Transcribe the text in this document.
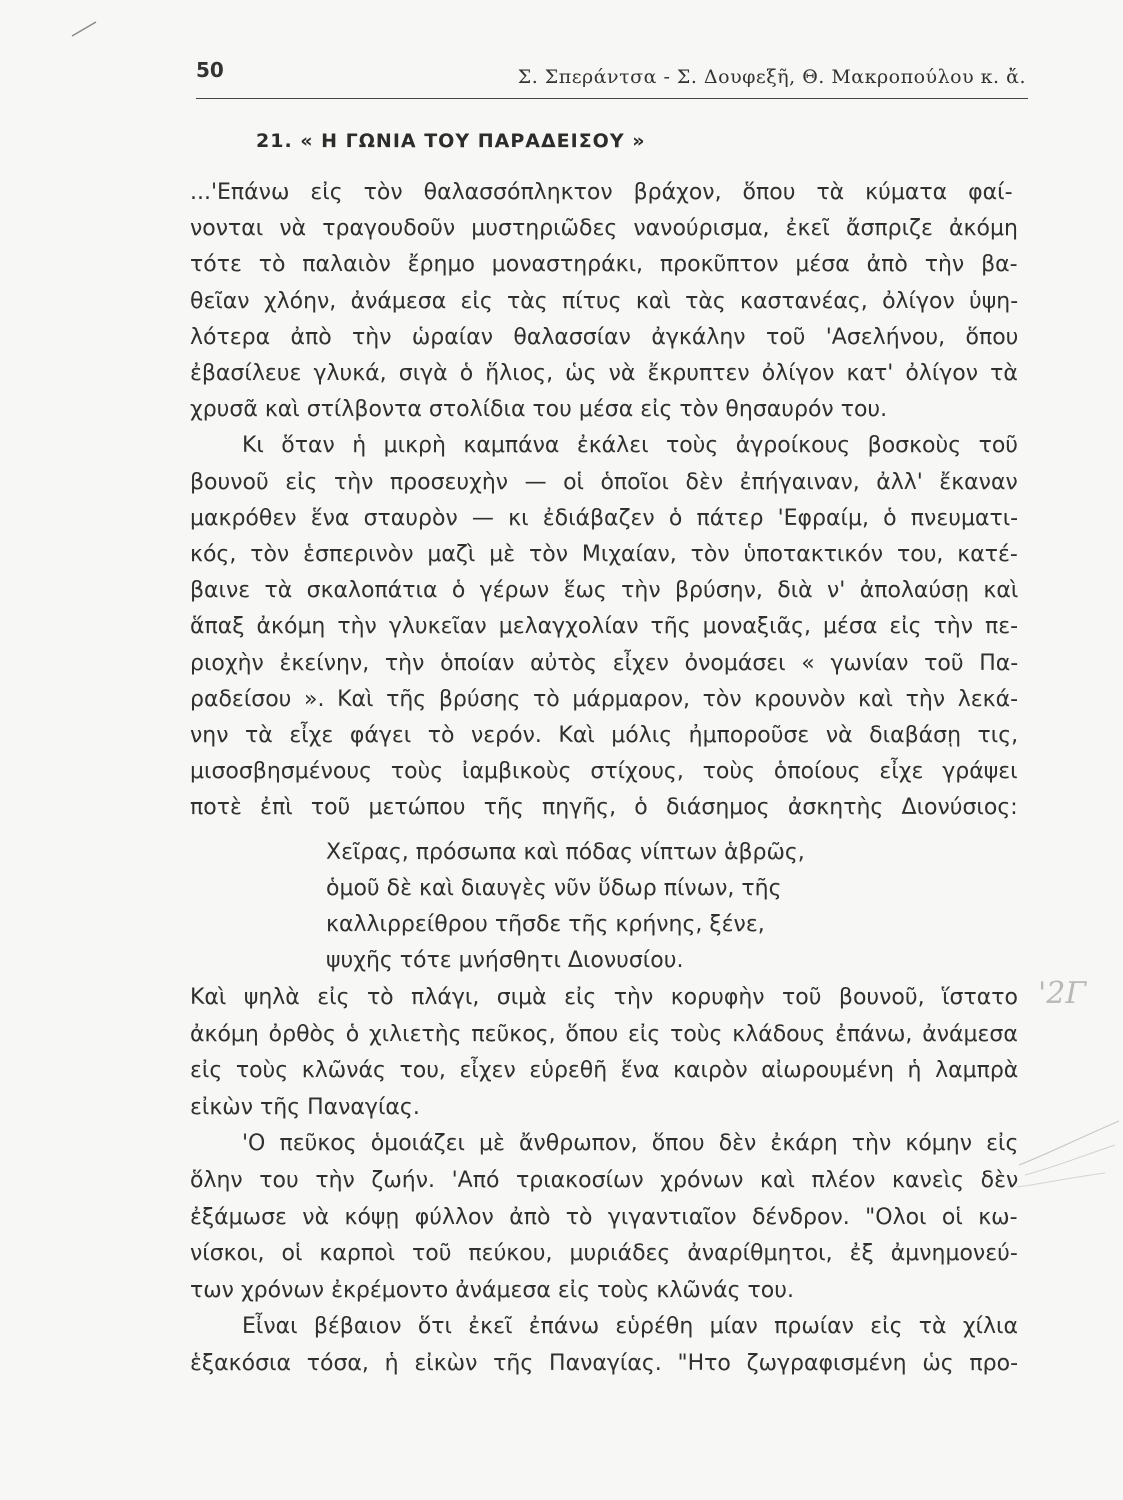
50	Σ. Σπεράντσα - Σ. Δουφεξῆ, Θ. Μακροπούλου κ. ἄ.
21. « Η ΓΩΝΙΑ ΤΟΥ ΠΑΡΑΔΕΙΣΟΥ »
...'Επάνω εἰς τὸν θαλασσόπληκτον βράχον, ὅπου τὰ κύματα φαί-
νονται νὰ τραγουδοῦν μυστηριῶδες νανούρισμα, ἐκεῖ ἄσπριζε ἀκόμη
τότε τὸ παλαιὸν ἔρημο μοναστηράκι, προκῦπτον μέσα ἀπὸ τὴν βα-
θεῖαν χλόην, ἀνάμεσα εἰς τὰς πίτυς καὶ τὰς καστανέας, ὀλίγον ὑψη-
λότερα ἀπὸ τὴν ὡραίαν θαλασσίαν ἀγκάλην τοῦ 'Ασελήνου, ὅπου
ἐβασίλευε γλυκά, σιγὰ ὁ ἥλιος, ὡς νὰ ἔκρυπτεν ὀλίγον κατ' ὀλίγον τὰ
χρυσᾶ καὶ στίλβοντα στολίδια του μέσα εἰς τὸν θησαυρόν του.
Κι ὅταν ἡ μικρὴ καμπάνα ἐκάλει τοὺς ἀγροίκους βοσκοὺς τοῦ
βουνοῦ εἰς τὴν προσευχὴν — οἱ ὁποῖοι δὲν ἐπήγαιναν, ἀλλ' ἔκαναν
μακρόθεν ἕνα σταυρὸν — κι ἐδιάβαζεν ὁ πάτερ 'Εφραίμ, ὁ πνευματι-
κός, τὸν ἑσπερινὸν μαζὶ μὲ τὸν Μιχαίαν, τὸν ὑποτακτικόν του, κατέ-
βαινε τὰ σκαλοπάτια ὁ γέρων ἕως τὴν βρύσην, διὰ ν' ἀπολαύσῃ καὶ
ἅπαξ ἀκόμη τὴν γλυκεῖαν μελαγχολίαν τῆς μοναξιᾶς, μέσα εἰς τὴν πε-
ριοχὴν ἐκείνην, τὴν ὁποίαν αὐτὸς εἶχεν ὀνομάσει « γωνίαν τοῦ Πα-
ραδείσου ». Καὶ τῆς βρύσης τὸ μάρμαρον, τὸν κρουνὸν καὶ τὴν λεκά-
νην τὰ εἶχε φάγει τὸ νερόν. Καὶ μόλις ἠμποροῦσε νὰ διαβάσῃ τις,
μισοσβησμένους τοὺς ἰαμβικοὺς στίχους, τοὺς ὁποίους εἶχε γράψει
ποτὲ ἐπὶ τοῦ μετώπου τῆς πηγῆς, ὁ διάσημος ἀσκητὴς Διονύσιος:
Χεῖρας, πρόσωπα καὶ πόδας νίπτων ἁβρῶς,
ὁμοῦ δὲ καὶ διαυγὲς νῦν ὕδωρ πίνων, τῆς
καλλιρρείθρου τῆσδε τῆς κρήνης, ξένε,
ψυχῆς τότε μνήσθητι Διονυσίου.
Καὶ ψηλὰ εἰς τὸ πλάγι, σιμὰ εἰς τὴν κορυφὴν τοῦ βουνοῦ, ἵστατο
ἀκόμη ὀρθὸς ὁ χιλιετὴς πεῦκος, ὅπου εἰς τοὺς κλάδους ἐπάνω, ἀνάμεσα
εἰς τοὺς κλῶνάς του, εἶχεν εὑρεθῆ ἕνα καιρὸν αἰωρουμένη ἡ λαμπρὰ
εἰκὼν τῆς Παναγίας.
'Ο πεῦκος ὁμοιάζει μὲ ἄνθρωπον, ὅπου δὲν ἐκάρη τὴν κόμην εἰς
ὅλην του τὴν ζωήν. 'Από τριακοσίων χρόνων καὶ πλέον κανεὶς δὲν
ἐξάμωσε νὰ κόψῃ φύλλον ἀπὸ τὸ γιγαντιαῖον δένδρον. "Ολοι οἱ κω-
νίσκοι, οἱ καρποὶ τοῦ πεύκου, μυριάδες ἀναρίθμητοι, ἐξ ἀμνημονεύ-
των χρόνων ἐκρέμοντο ἀνάμεσα εἰς τοὺς κλῶνάς του.
Εἶναι βέβαιον ὅτι ἐκεῖ ἐπάνω εὑρέθη μίαν πρωίαν εἰς τὰ χίλια
ἑξακόσια τόσα, ἡ εἰκὼν τῆς Παναγίας. "Ητο ζωγραφισμένη ὡς προ-
'2Γ
